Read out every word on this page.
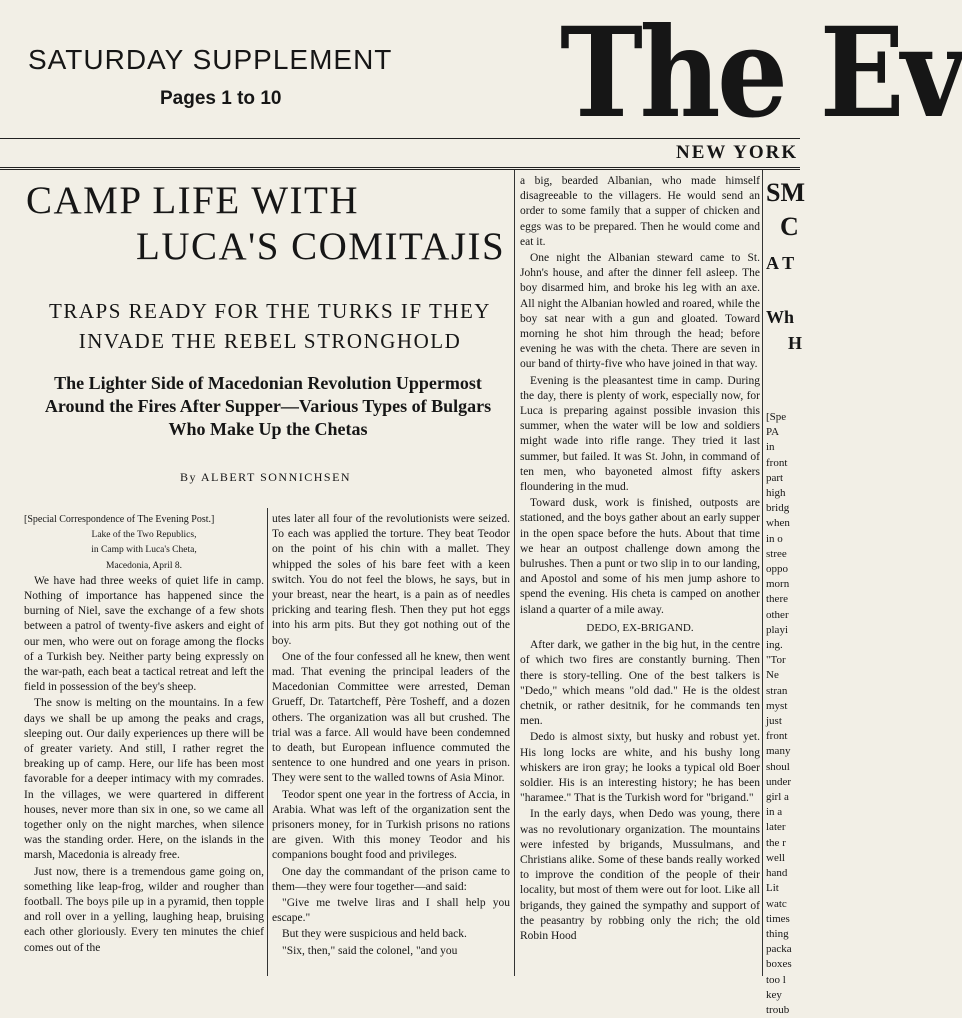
SATURDAY SUPPLEMENT
Pages 1 to 10 The Ev
NEW YORK
CAMP LIFE WITH
LUCA'S COMITAJIS
TRAPS READY FOR THE TURKS IF THEY INVADE THE REBEL STRONGHOLD
The Lighter Side of Macedonian Revolution Uppermost Around the Fires After Supper—Various Types of Bulgars Who Make Up the Chetas
By ALBERT SONNICHSEN

[Special Correspondence of The Evening Post.]

Lake of the Two Republics,

in Camp with Luca's Cheta,

Macedonia, April 8.

We have had three weeks of quiet life in camp. Nothing of importance has happened since the burning of Niel, save the exchange of a few shots between a patrol of twenty-five askers and eight of our men, who were out on forage among the flocks of a Turkish bey. Neither party being expressly on the war-path, each beat a tactical retreat and left the field in possession of the bey's sheep.

The snow is melting on the mountains. In a few days we shall be up among the peaks and crags, sleeping out. Our daily experiences up there will be of greater variety. And still, I rather regret the breaking up of camp. Here, our life has been most favorable for a deeper intimacy with my comrades. In the villages, we were quartered in different houses, never more than six in one, so we came all together only on the night marches, when silence was the standing order. Here, on the islands in the marsh, Macedonia is already free.

Just now, there is a tremendous game going on, something like leap-frog, wilder and rougher than football. The boys pile up in a pyramid, then topple and roll over in a yelling, laughing heap, bruising each other gloriously. Every ten minutes the chief comes out of the

utes later all four of the revolutionists were seized. To each was applied the torture. They beat Teodor on the point of his chin with a mallet. They whipped the soles of his bare feet with a keen switch. You do not feel the blows, he says, but in your breast, near the heart, is a pain as of needles pricking and tearing flesh. Then they put hot eggs into his arm pits. But they got nothing out of the boy.

One of the four confessed all he knew, then went mad. That evening the principal leaders of the Macedonian Committee were arrested, Deman Grueff, Dr. Tatartcheff, Père Tosheff, and a dozen others. The organization was all but crushed. The trial was a farce. All would have been condemned to death, but European influence commuted the sentence to one hundred and one years in prison. They were sent to the walled towns of Asia Minor.

Teodor spent one year in the fortress of Accia, in Arabia. What was left of the organization sent the prisoners money, for in Turkish prisons no rations are given. With this money Teodor and his companions bought food and privileges.

One day the commandant of the prison came to them—they were four together—and said:

"Give me twelve liras and I shall help you escape."

But they were suspicious and held back.

"Six, then," said the colonel, "and you

a big, bearded Albanian, who made himself disagreeable to the villagers. He would send an order to some family that a supper of chicken and eggs was to be prepared. Then he would come and eat it.

One night the Albanian steward came to St. John's house, and after the dinner fell asleep. The boy disarmed him, and broke his leg with an axe. All night the Albanian howled and roared, while the boy sat near with a gun and gloated. Toward morning he shot him through the head; before evening he was with the cheta. There are seven in our band of thirty-five who have joined in that way.

Evening is the pleasantest time in camp. During the day, there is plenty of work, especially now, for Luca is preparing against possible invasion this summer, when the water will be low and soldiers might wade into rifle range. They tried it last summer, but failed. It was St. John, in command of ten men, who bayoneted almost fifty askers floundering in the mud.

Toward dusk, work is finished, outposts are stationed, and the boys gather about an early supper in the open space before the huts. About that time we hear an outpost challenge down among the bulrushes. Then a punt or two slip in to our landing, and Apostol and some of his men jump ashore to spend the evening. His cheta is camped on another island a quarter of a mile away.

DEDO, EX-BRIGAND.

After dark, we gather in the big hut, in the centre of which two fires are constantly burning. Then there is story-telling. One of the best talkers is "Dedo," which means "old dad." He is the oldest chetnik, or rather desitnik, for he commands ten men.

Dedo is almost sixty, but husky and robust yet. His long locks are white, and his bushy long whiskers are iron gray; he looks a typical old Boer soldier. His is an interesting history; he has been "haramee." That is the Turkish word for "brigand."

In the early days, when Dedo was young, there was no revolutionary organization. The mountains were infested by brigands, Mussulmans, and Christians alike. Some of these bands really worked to improve the condition of the people of their locality, but most of them were out for loot. Like all brigands, they gained the sympathy and support of the peasantry by robbing only the rich; the old Robin Hood

SM
C
A T
Wh
H
[Spe
PA
in
front
part
high
bridg
when
in o
stree
oppo
morn
there
other
playi
ing.
"Tor
Ne
stran
myst
just
front
many
shoul
under
girl a
in a
later
the r
well
hand
Lit
watc
times
thing
packa
boxes
too l
key
troub
